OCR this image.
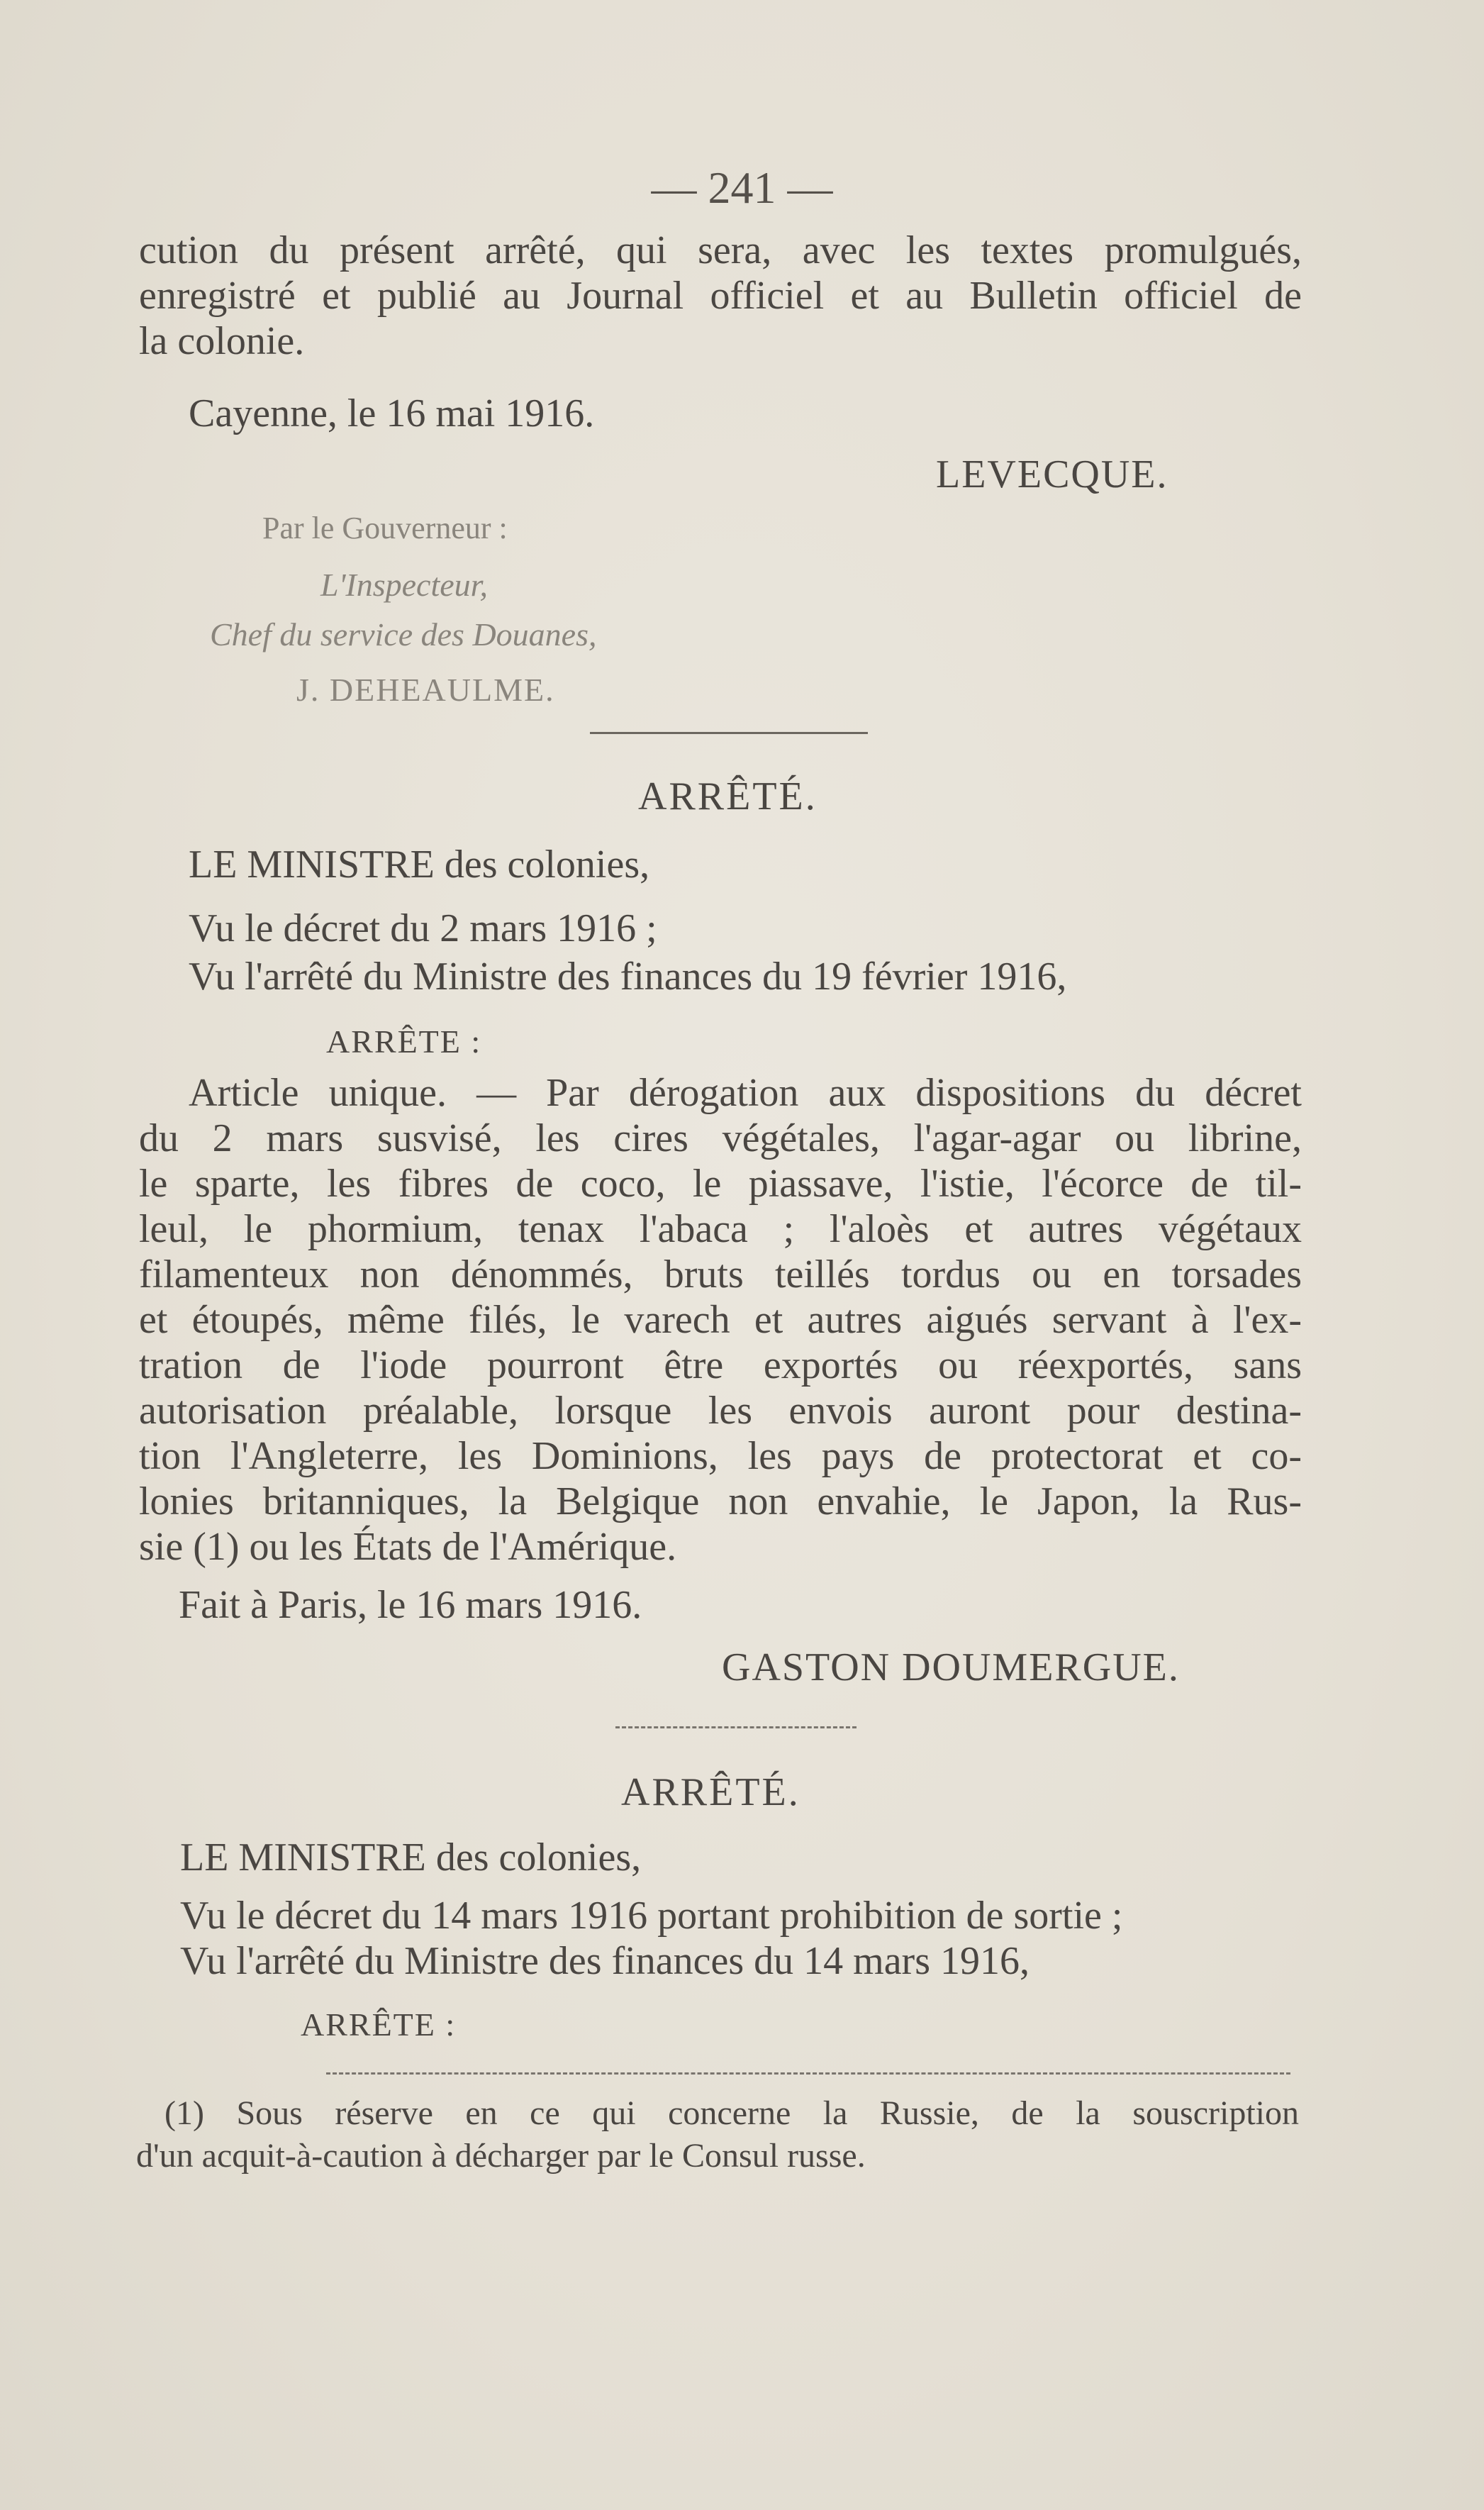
— 241 —
cution du présent arrêté, qui sera, avec les textes promulgués,
enregistré et publié au Journal officiel et au Bulletin officiel de
la colonie.
Cayenne, le 16 mai 1916.
LEVECQUE.
Par le Gouverneur :
L'Inspecteur,
Chef du service des Douanes,
J. DEHEAULME.
ARRÊTÉ.
LE MINISTRE des colonies,
Vu le décret du 2 mars 1916 ;
Vu l'arrêté du Ministre des finances du 19 février 1916,
ARRÊTE :
Article unique. — Par dérogation aux dispositions du décret
du 2 mars susvisé, les cires végétales, l'agar-agar ou librine,
le sparte, les fibres de coco, le piassave, l'istie, l'écorce de til-
leul, le phormium, tenax l'abaca ; l'aloès et autres végétaux
filamenteux non dénommés, bruts teillés tordus ou en torsades
et étoupés, même filés, le varech et autres aigués servant à l'ex-
tration de l'iode pourront être exportés ou réexportés, sans
autorisation préalable, lorsque les envois auront pour destina-
tion l'Angleterre, les Dominions, les pays de protectorat et co-
lonies britanniques, la Belgique non envahie, le Japon, la Rus-
sie (1) ou les États de l'Amérique.
Fait à Paris, le 16 mars 1916.
GASTON DOUMERGUE.
ARRÊTÉ.
LE MINISTRE des colonies,
Vu le décret du 14 mars 1916 portant prohibition de sortie ;
Vu l'arrêté du Ministre des finances du 14 mars 1916,
ARRÊTE :
(1) Sous réserve en ce qui concerne la Russie, de la souscription
d'un acquit-à-caution à décharger par le Consul russe.
